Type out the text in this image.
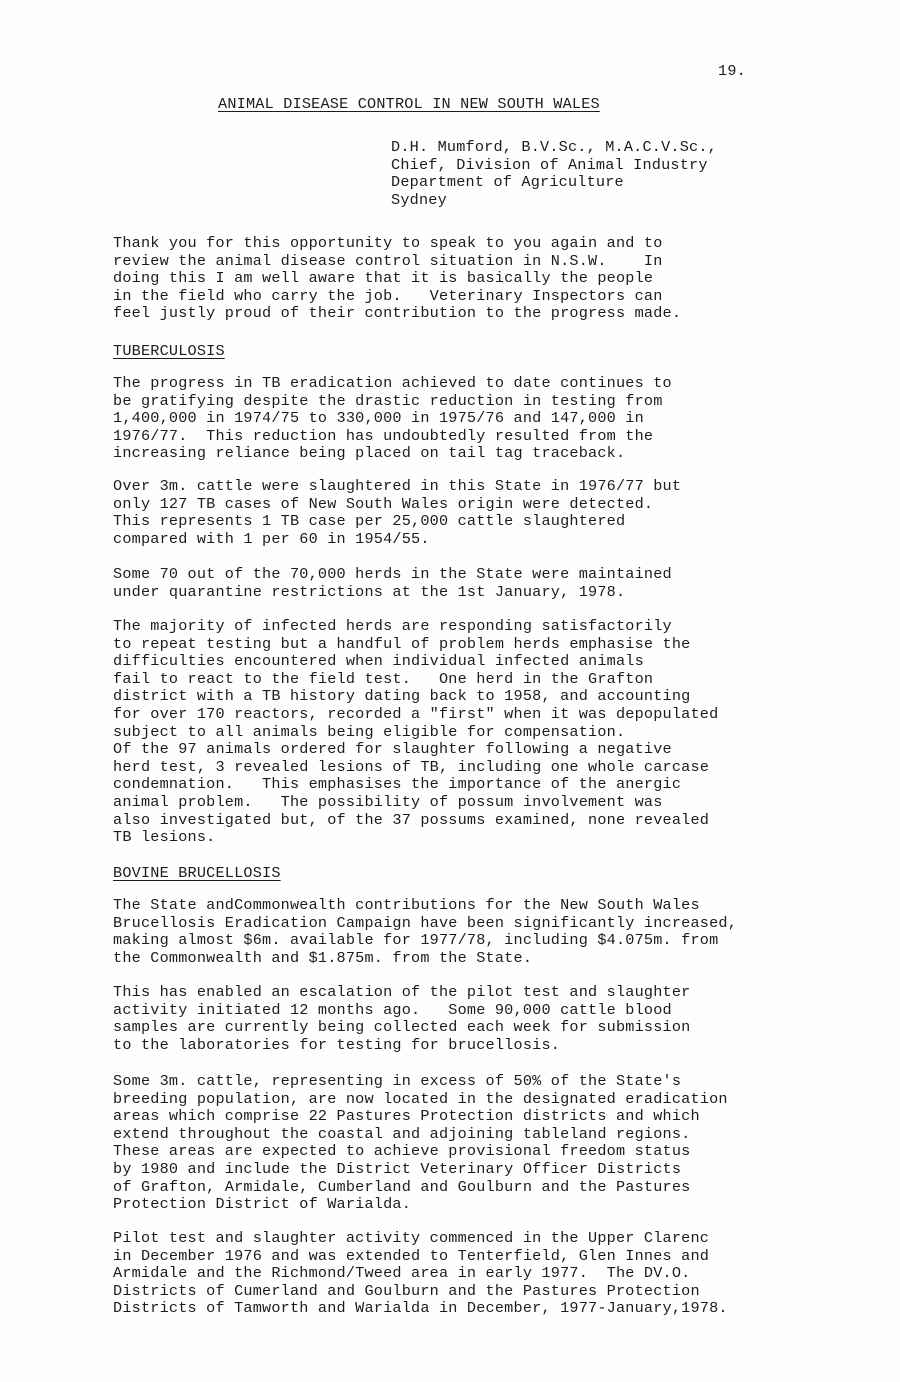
19.
ANIMAL DISEASE CONTROL IN NEW SOUTH WALES
D.H. Mumford, B.V.Sc., M.A.C.V.Sc.,
Chief, Division of Animal Industry
Department of Agriculture
Sydney
Thank you for this opportunity to speak to you again and to
review the animal disease control situation in N.S.W.    In
doing this I am well aware that it is basically the people
in the field who carry the job.   Veterinary Inspectors can
feel justly proud of their contribution to the progress made.
TUBERCULOSIS
The progress in TB eradication achieved to date continues to
be gratifying despite the drastic reduction in testing from
1,400,000 in 1974/75 to 330,000 in 1975/76 and 147,000 in
1976/77.  This reduction has undoubtedly resulted from the
increasing reliance being placed on tail tag traceback.
Over 3m. cattle were slaughtered in this State in 1976/77 but
only 127 TB cases of New South Wales origin were detected.
This represents 1 TB case per 25,000 cattle slaughtered
compared with 1 per 60 in 1954/55.
Some 70 out of the 70,000 herds in the State were maintained
under quarantine restrictions at the 1st January, 1978.
The majority of infected herds are responding satisfactorily
to repeat testing but a handful of problem herds emphasise the
difficulties encountered when individual infected animals
fail to react to the field test.   One herd in the Grafton
district with a TB history dating back to 1958, and accounting
for over 170 reactors, recorded a "first" when it was depopulated
subject to all animals being eligible for compensation.
Of the 97 animals ordered for slaughter following a negative
herd test, 3 revealed lesions of TB, including one whole carcase
condemnation.   This emphasises the importance of the anergic
animal problem.   The possibility of possum involvement was
also investigated but, of the 37 possums examined, none revealed
TB lesions.
BOVINE BRUCELLOSIS
The State andCommonwealth contributions for the New South Wales
Brucellosis Eradication Campaign have been significantly increased,
making almost $6m. available for 1977/78, including $4.075m. from
the Commonwealth and $1.875m. from the State.
This has enabled an escalation of the pilot test and slaughter
activity initiated 12 months ago.   Some 90,000 cattle blood
samples are currently being collected each week for submission
to the laboratories for testing for brucellosis.
Some 3m. cattle, representing in excess of 50% of the State's
breeding population, are now located in the designated eradication
areas which comprise 22 Pastures Protection districts and which
extend throughout the coastal and adjoining tableland regions.
These areas are expected to achieve provisional freedom status
by 1980 and include the District Veterinary Officer Districts
of Grafton, Armidale, Cumberland and Goulburn and the Pastures
Protection District of Warialda.
Pilot test and slaughter activity commenced in the Upper Clarenc
in December 1976 and was extended to Tenterfield, Glen Innes and
Armidale and the Richmond/Tweed area in early 1977.  The DV.O.
Districts of Cumerland and Goulburn and the Pastures Protection
Districts of Tamworth and Warialda in December, 1977-January,1978.
